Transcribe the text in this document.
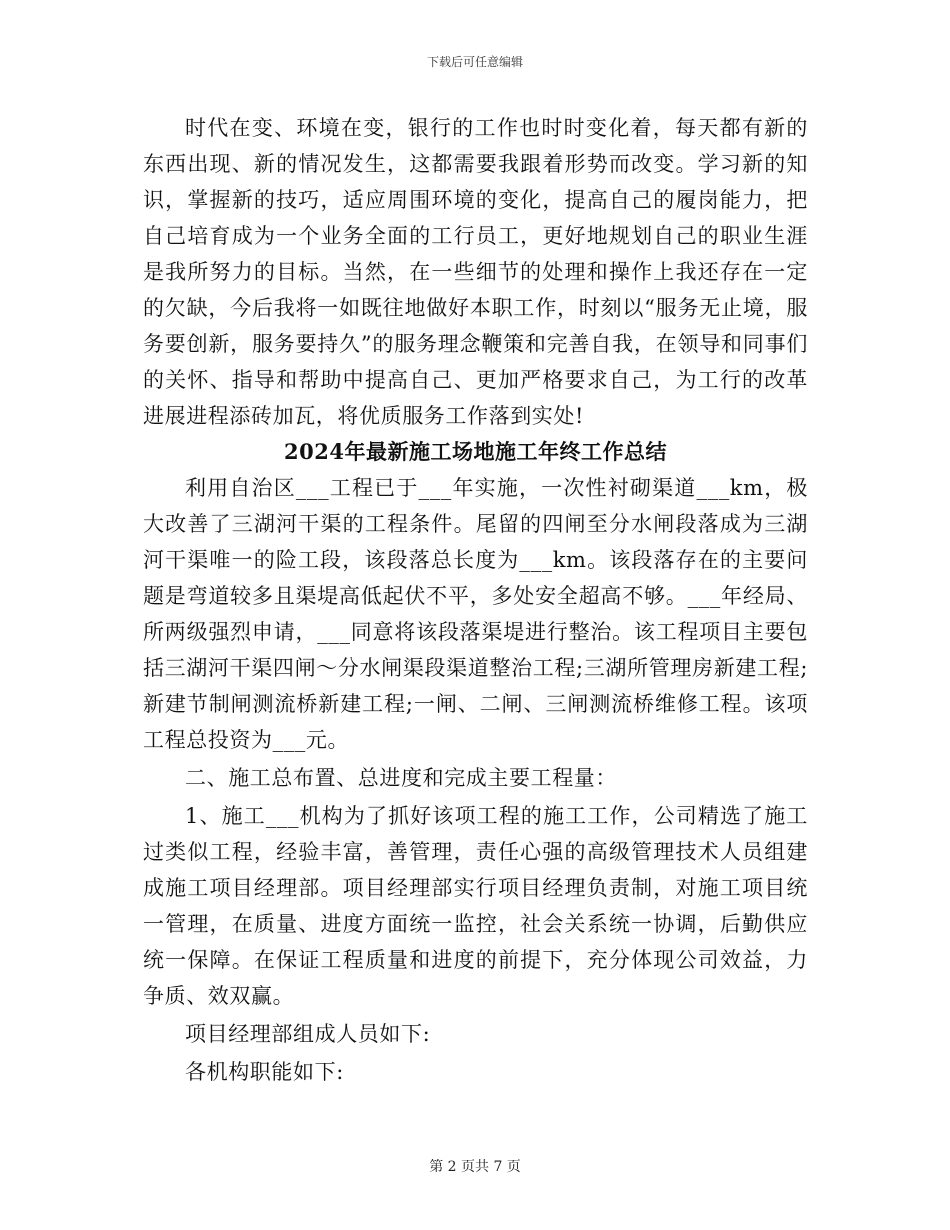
下载后可任意编辑

时代在变、环境在变，银行的工作也时时变化着，每天都有新的东西出现、新的情况发生，这都需要我跟着形势而改变。学习新的知识，掌握新的技巧，适应周围环境的变化，提高自己的履岗能力，把自己培育成为一个业务全面的工行员工，更好地规划自己的职业生涯是我所努力的目标。当然，在一些细节的处理和操作上我还存在一定的欠缺，今后我将一如既往地做好本职工作，时刻以“服务无止境，服务要创新，服务要持久”的服务理念鞭策和完善自我，在领导和同事们的关怀、指导和帮助中提高自己、更加严格要求自己，为工行的改革进展进程添砖加瓦，将优质服务工作落到实处!

2024年最新施工场地施工年终工作总结

利用自治区___工程已于___年实施，一次性衬砌渠道___km，极大改善了三湖河干渠的工程条件。尾留的四闸至分水闸段落成为三湖河干渠唯一的险工段，该段落总长度为___km。该段落存在的主要问题是弯道较多且渠堤高低起伏不平，多处安全超高不够。___年经局、所两级强烈申请，___同意将该段落渠堤进行整治。该工程项目主要包括三湖河干渠四闸～分水闸渠段渠道整治工程;三湖所管理房新建工程;新建节制闸测流桥新建工程;一闸、二闸、三闸测流桥维修工程。该项工程总投资为___元。

二、施工总布置、总进度和完成主要工程量：

1、施工___机构为了抓好该项工程的施工工作，公司精选了施工过类似工程，经验丰富，善管理，责任心强的高级管理技术人员组建成施工项目经理部。项目经理部实行项目经理负责制，对施工项目统一管理，在质量、进度方面统一监控，社会关系统一协调，后勤供应统一保障。在保证工程质量和进度的前提下，充分体现公司效益，力争质、效双赢。

项目经理部组成人员如下:

各机构职能如下:

第 2 页共 7 页
